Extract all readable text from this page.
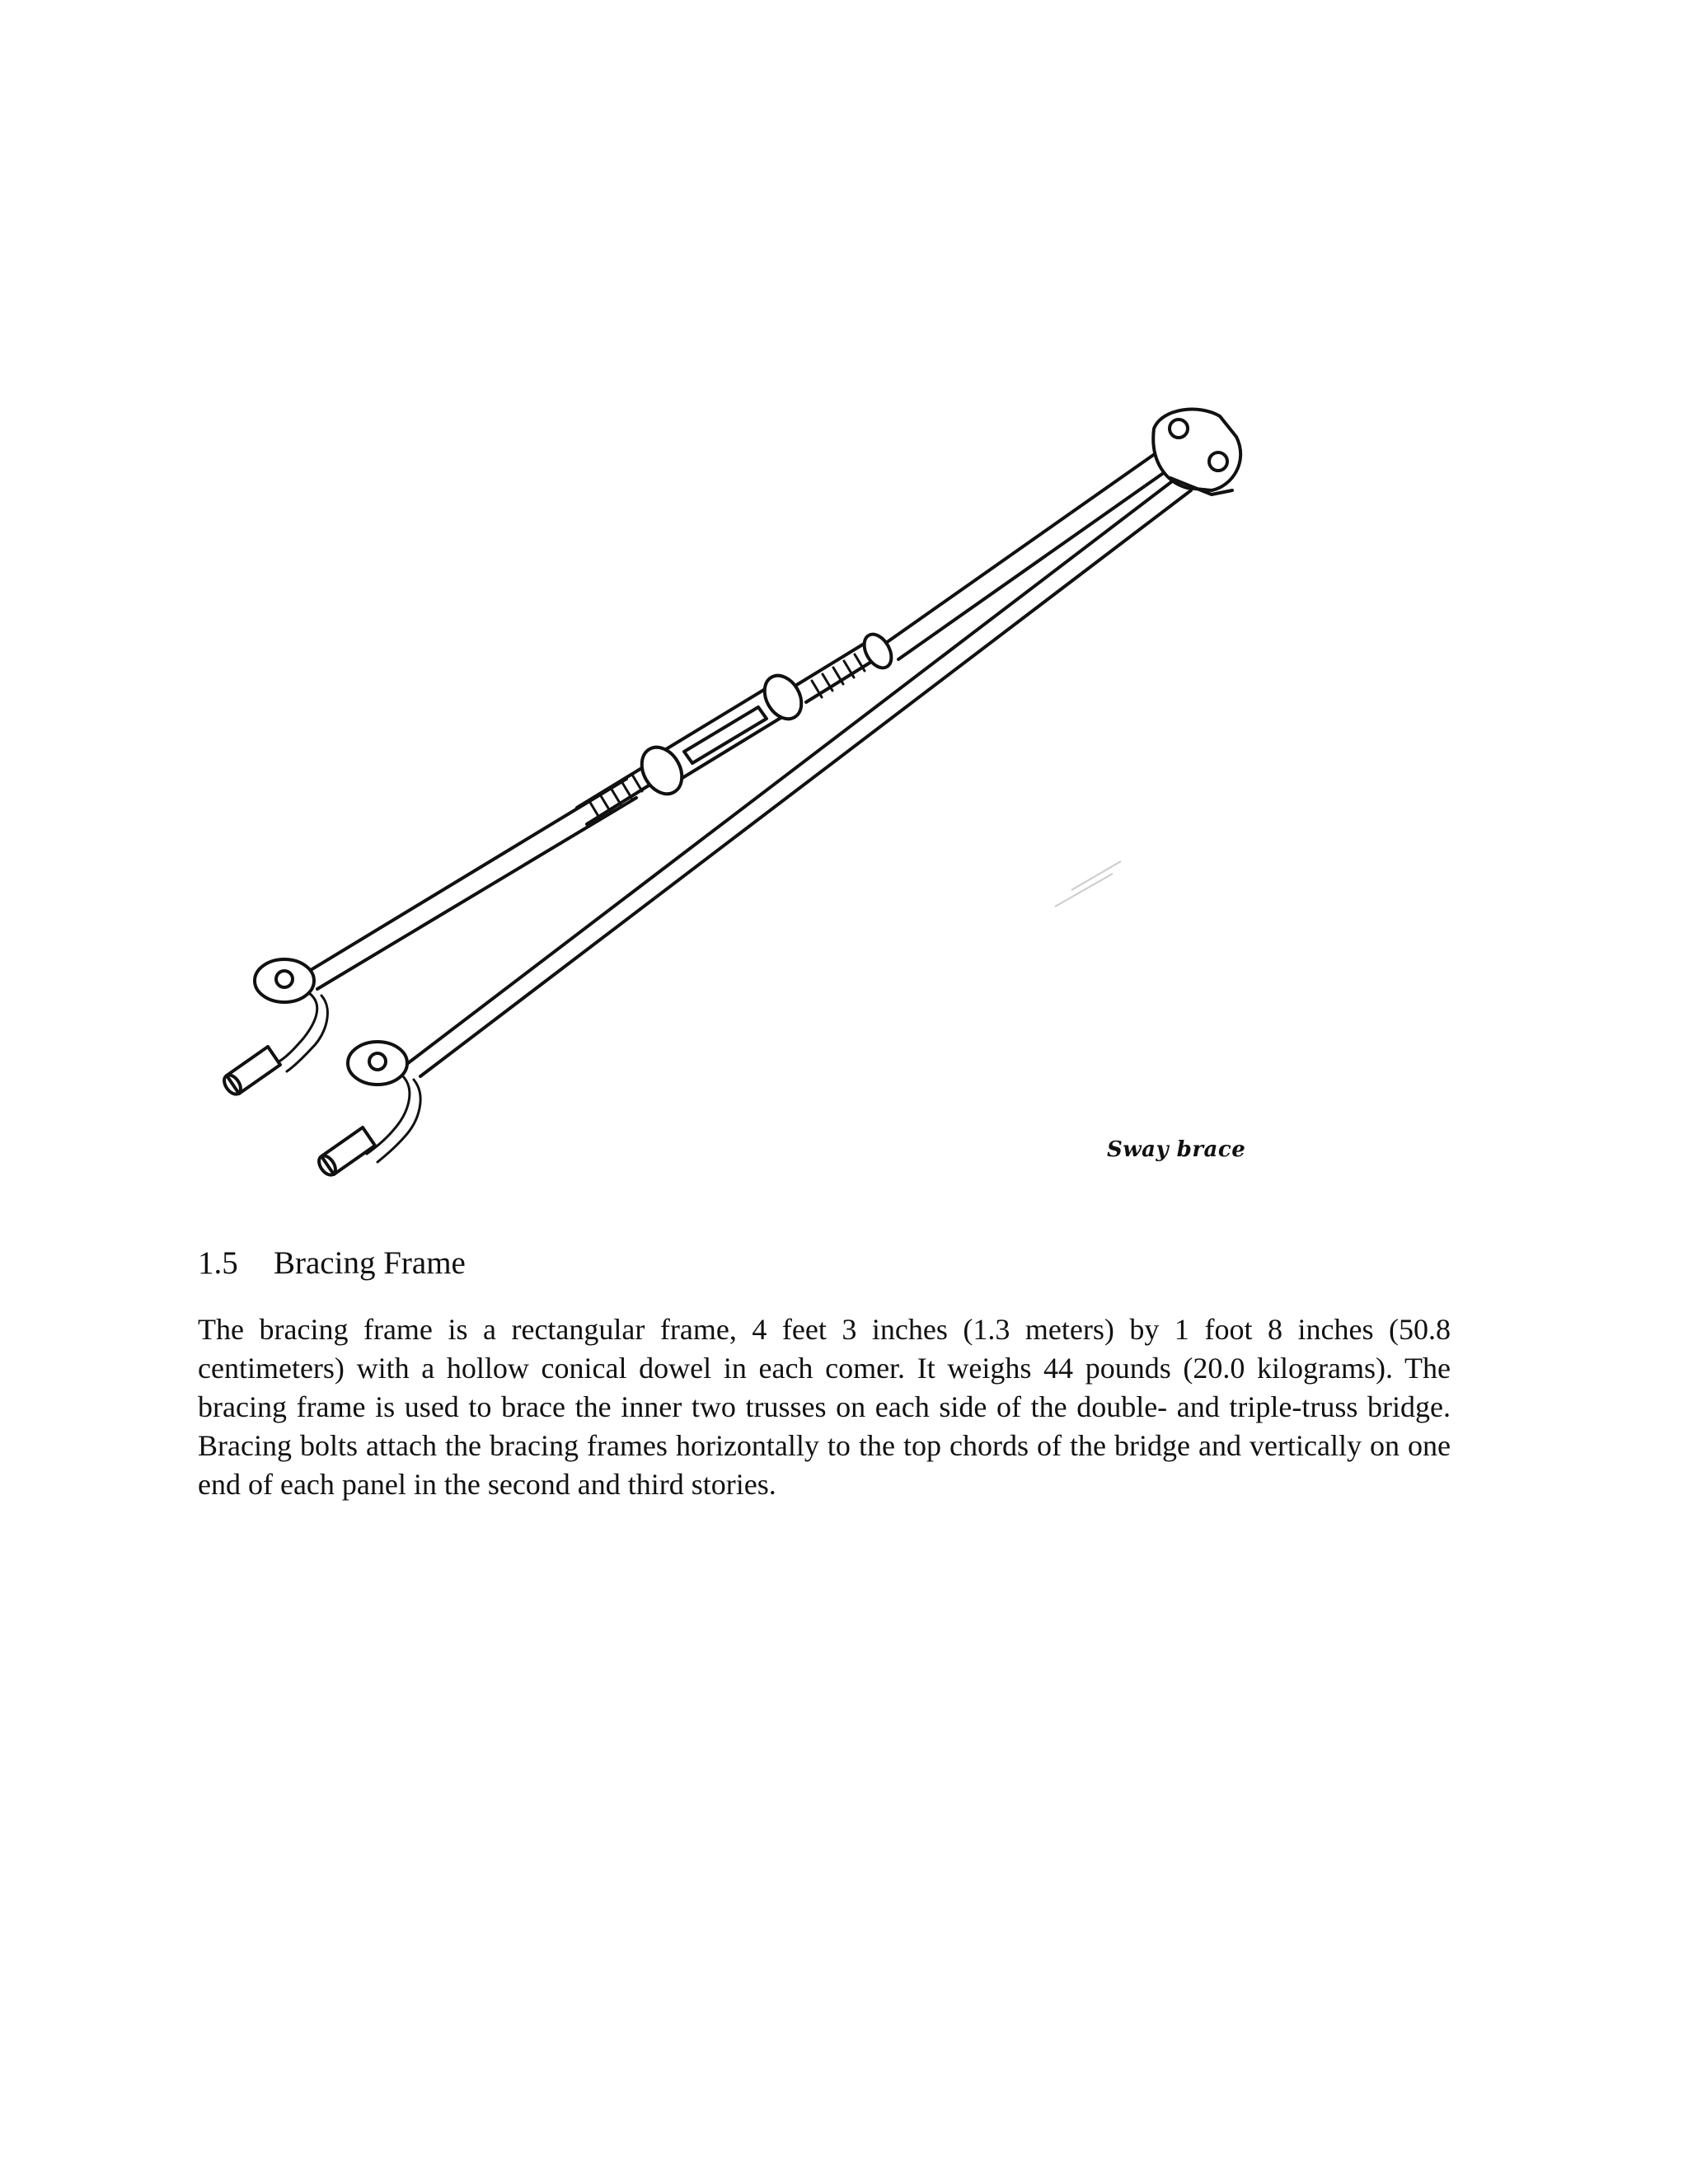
Sway brace
1.5 Bracing Frame

The bracing frame is a rectangular frame, 4 feet 3 inches (1.3 meters) by 1 foot 8 inches (50.8 centimeters) with a hollow conical dowel in each comer. It weighs 44 pounds (20.0 kilograms). The bracing frame is used to brace the inner two trusses on each side of the double- and triple-truss bridge. Bracing bolts attach the bracing frames horizontally to the top chords of the bridge and vertically on one end of each panel in the second and third stories.
